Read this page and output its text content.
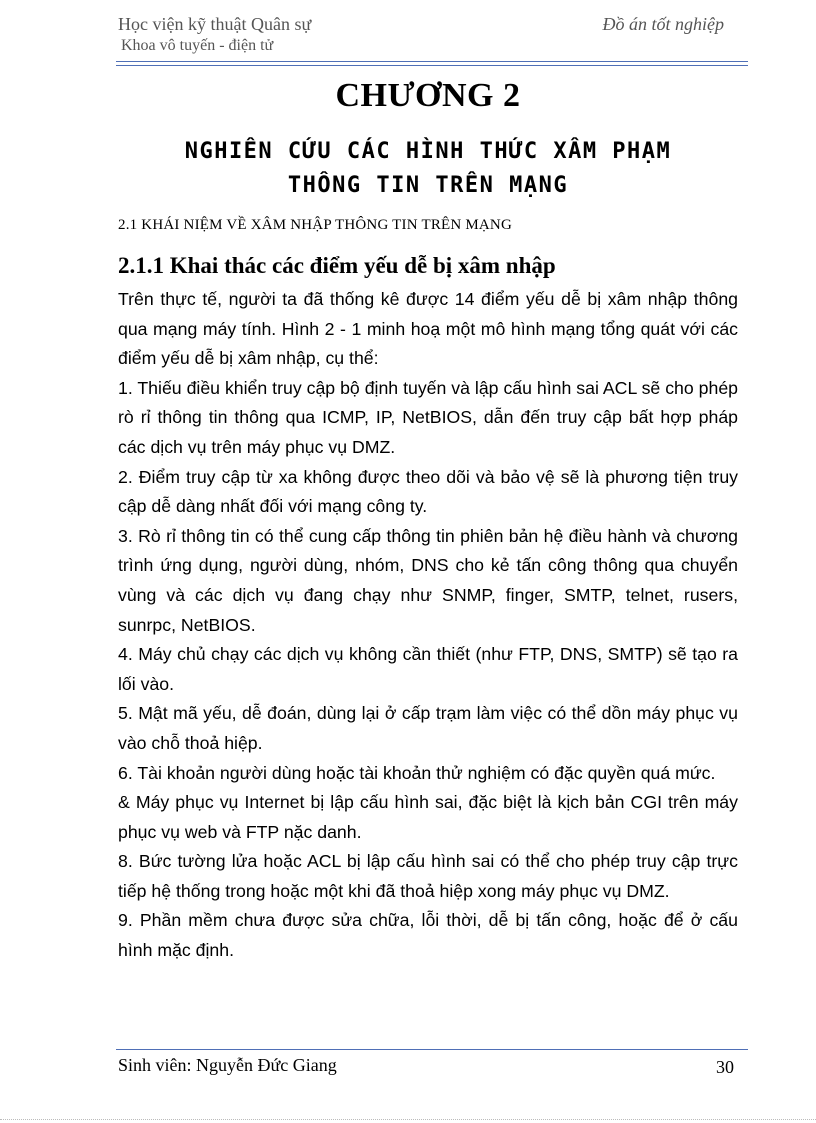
Học viện kỹ thuật Quân sự
Khoa vô tuyến - điện tử
Đồ án tốt nghiệp
CHƯƠNG 2
NGHIÊN CỨU CÁC HÌNH THỨC XÂM PHẠM
THÔNG TIN TRÊN MẠNG
2.1 KHÁI NIỆM VỀ XÂM NHẬP THÔNG TIN TRÊN MẠNG
2.1.1 Khai thác các điểm yếu dễ bị xâm nhập

Trên thực tế, người ta đã thống kê được 14 điểm yếu dễ bị xâm nhập thông qua mạng máy tính. Hình 2 - 1 minh hoạ một mô hình mạng tổng quát với các điểm yếu dễ bị xâm nhập, cụ thể:

1. Thiếu điều khiển truy cập bộ định tuyến và lập cấu hình sai ACL sẽ cho phép rò rỉ thông tin thông qua ICMP, IP, NetBIOS, dẫn đến truy cập bất hợp pháp các dịch vụ trên máy phục vụ DMZ.

2. Điểm truy cập từ xa không được theo dõi và bảo vệ sẽ là phương tiện truy cập dễ dàng nhất đối với mạng công ty.

3. Rò rỉ thông tin có thể cung cấp thông tin phiên bản hệ điều hành và chương trình ứng dụng, người dùng, nhóm, DNS cho kẻ tấn công thông qua chuyển vùng và các dịch vụ đang chạy như SNMP, finger, SMTP, telnet, rusers, sunrpc, NetBIOS.

4. Máy chủ chạy các dịch vụ không cần thiết (như FTP, DNS, SMTP) sẽ tạo ra lối vào.

5. Mật mã yếu, dễ đoán, dùng lại ở cấp trạm làm việc có thể dồn máy phục vụ vào chỗ thoả hiệp.

6. Tài khoản người dùng hoặc tài khoản thử nghiệm có đặc quyền quá mức.

& Máy phục vụ Internet bị lập cấu hình sai, đặc biệt là kịch bản CGI trên máy phục vụ web và FTP nặc danh.

8. Bức tường lửa hoặc ACL bị lập cấu hình sai có thể cho phép truy cập trực tiếp hệ thống trong hoặc một khi đã thoả hiệp xong máy phục vụ DMZ.

9. Phần mềm chưa được sửa chữa, lỗi thời, dễ bị tấn công, hoặc để ở cấu hình mặc định.

Sinh viên: Nguyễn Đức Giang	30
